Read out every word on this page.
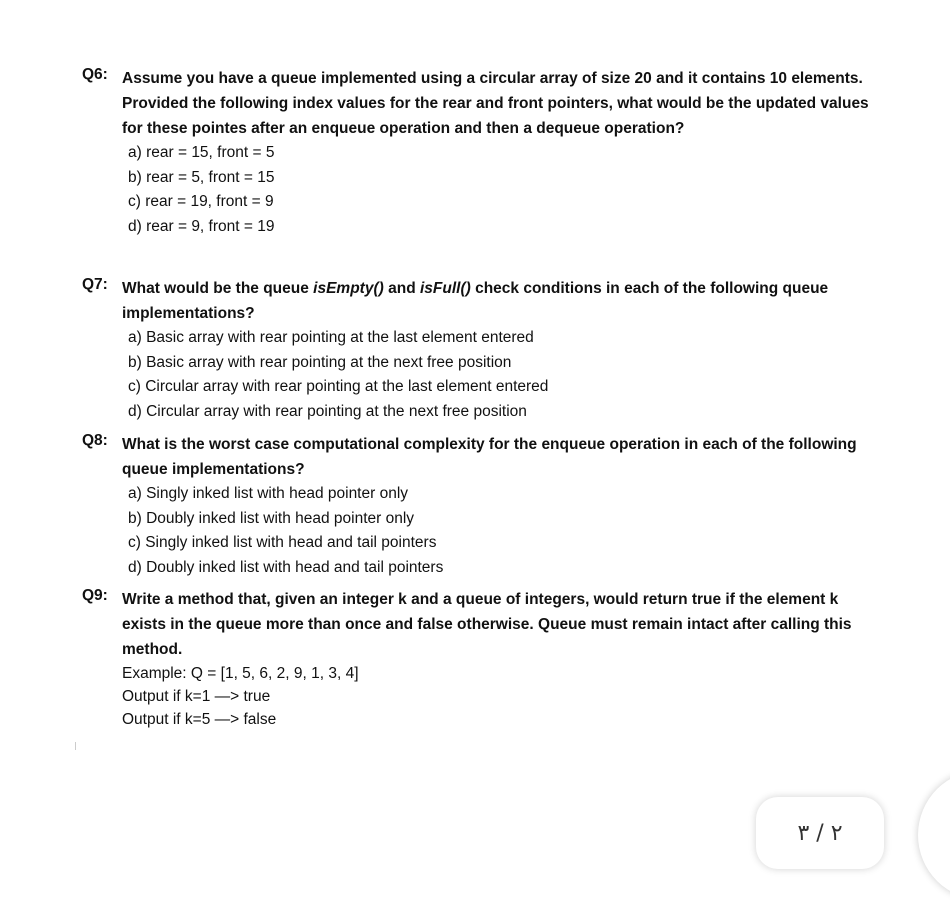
Q6: Assume you have a queue implemented using a circular array of size 20 and it contains 10 elements. Provided the following index values for the rear and front pointers, what would be the updated values for these pointes after an enqueue operation and then a dequeue operation?
a) rear = 15, front = 5
b) rear = 5, front = 15
c) rear = 19, front = 9
d) rear = 9, front = 19
Q7: What would be the queue isEmpty() and isFull() check conditions in each of the following queue implementations?
a) Basic array with rear pointing at the last element entered
b) Basic array with rear pointing at the next free position
c) Circular array with rear pointing at the last element entered
d) Circular array with rear pointing at the next free position
Q8: What is the worst case computational complexity for the enqueue operation in each of the following queue implementations?
a) Singly inked list with head pointer only
b) Doubly inked list with head pointer only
c) Singly inked list with head and tail pointers
d) Doubly inked list with head and tail pointers
Q9: Write a method that, given an integer k and a queue of integers, would return true if the element k exists in the queue more than once and false otherwise. Queue must remain intact after calling this method.
Example: Q = [1, 5, 6, 2, 9, 1, 3, 4]
Output if k=1 —> true
Output if k=5 —> false
٢ / ٣
